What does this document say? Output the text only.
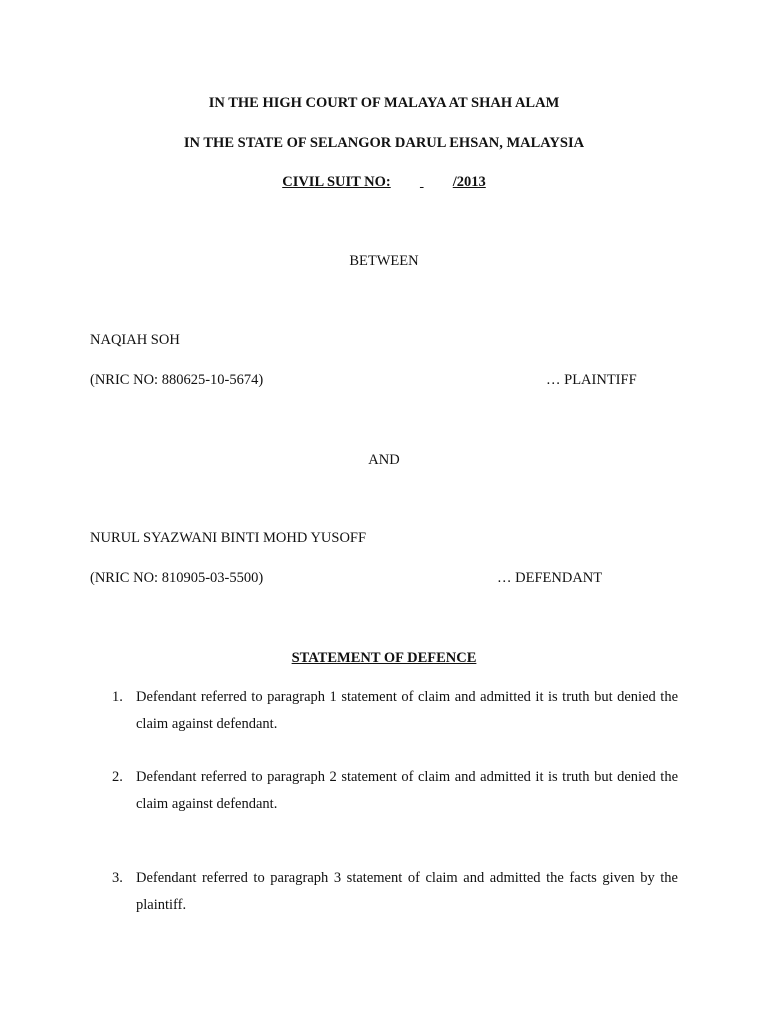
IN THE HIGH COURT OF MALAYA AT SHAH ALAM
IN THE STATE OF SELANGOR DARUL EHSAN, MALAYSIA
CIVIL SUIT NO:	/2013
BETWEEN
NAQIAH SOH
(NRIC NO: 880625-10-5674)	… PLAINTIFF
AND
NURUL SYAZWANI BINTI MOHD YUSOFF
(NRIC NO: 810905-03-5500)	… DEFENDANT
STATEMENT OF DEFENCE
1. Defendant referred to paragraph 1 statement of claim and admitted it is truth but denied the claim against defendant.
2. Defendant referred to paragraph 2 statement of claim and admitted it is truth but denied the claim against defendant.
3. Defendant referred to paragraph 3 statement of claim and admitted the facts given by the plaintiff.
